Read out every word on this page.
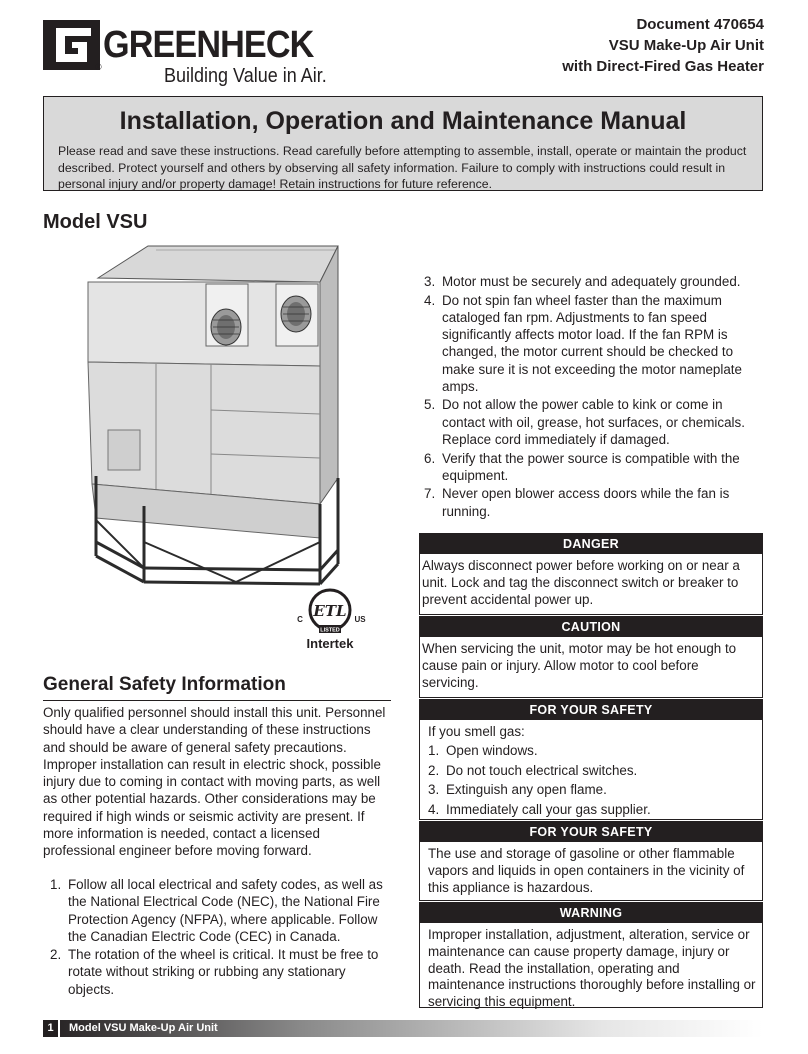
GREENHECK
®	Building Value in Air.
Document 470654
VSU Make-Up Air Unit
with Direct-Fired Gas Heater
Installation, Operation and Maintenance Manual

Please read and save these instructions. Read carefully before attempting to assemble, install, operate or maintain the product described. Protect yourself and others by observing all safety information. Failure to comply with instructions could result in personal injury and/or property damage! Retain instructions for future reference.

Model VSU
ETL
C	US
LISTED
Intertek
General Safety Information

Only qualified personnel should install this unit. Personnel should have a clear understanding of these instructions and should be aware of general safety precautions. Improper installation can result in electric shock, possible injury due to coming in contact with moving parts, as well as other potential hazards. Other considerations may be required if high winds or seismic activity are present. If more information is needed, contact a licensed professional engineer before moving forward.

1. Follow all local electrical and safety codes, as well as the National Electrical Code (NEC), the National Fire Protection Agency (NFPA), where applicable. Follow the Canadian Electric Code (CEC) in Canada.
2. The rotation of the wheel is critical. It must be free to rotate without striking or rubbing any stationary objects.
3. Motor must be securely and adequately grounded.
4. Do not spin fan wheel faster than the maximum cataloged fan rpm. Adjustments to fan speed significantly affects motor load. If the fan RPM is changed, the motor current should be checked to make sure it is not exceeding the motor nameplate amps.
5. Do not allow the power cable to kink or come in contact with oil, grease, hot surfaces, or chemicals. Replace cord immediately if damaged.
6. Verify that the power source is compatible with the equipment.
7. Never open blower access doors while the fan is running.
DANGER
Always disconnect power before working on or near a unit. Lock and tag the disconnect switch or breaker to prevent accidental power up.
CAUTION
When servicing the unit, motor may be hot enough to cause pain or injury. Allow motor to cool before servicing.
FOR YOUR SAFETY
If you smell gas:
1. Open windows.
2. Do not touch electrical switches.
3. Extinguish any open flame.
4. Immediately call your gas supplier.
FOR YOUR SAFETY
The use and storage of gasoline or other flammable vapors and liquids in open containers in the vicinity of this appliance is hazardous.
WARNING
Improper installation, adjustment, alteration, service or maintenance can cause property damage, injury or death. Read the installation, operating and maintenance instructions thoroughly before installing or servicing this equipment.
1	Model VSU Make-Up Air Unit
